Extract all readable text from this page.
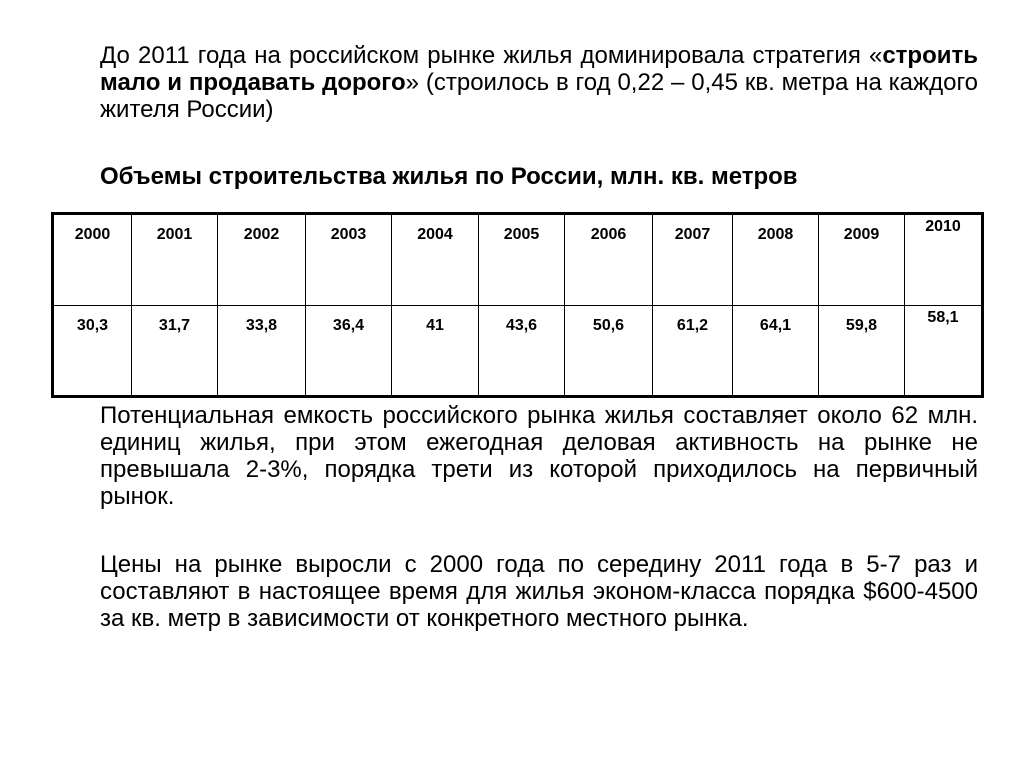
До 2011 года на российском рынке жилья доминировала стратегия «строить мало и продавать дорого» (строилось в год 0,22 – 0,45 кв. метра на каждого жителя России)

Объемы строительства жилья по России, млн. кв. метров

2000	2001	2002	2003	2004	2005	2006	2007	2008	2009	2010
30,3	31,7	33,8	36,4	41	43,6	50,6	61,2	64,1	59,8	58,1

Потенциальная емкость российского рынка жилья составляет около 62 млн. единиц жилья, при этом ежегодная деловая активность на рынке не превышала 2-3%, порядка трети из которой приходилось на первичный рынок.

Цены на рынке выросли с 2000 года по середину 2011 года в 5-7 раз и составляют в настоящее время для жилья эконом-класса порядка $600-4500 за кв. метр в зависимости от конкретного местного рынка.
